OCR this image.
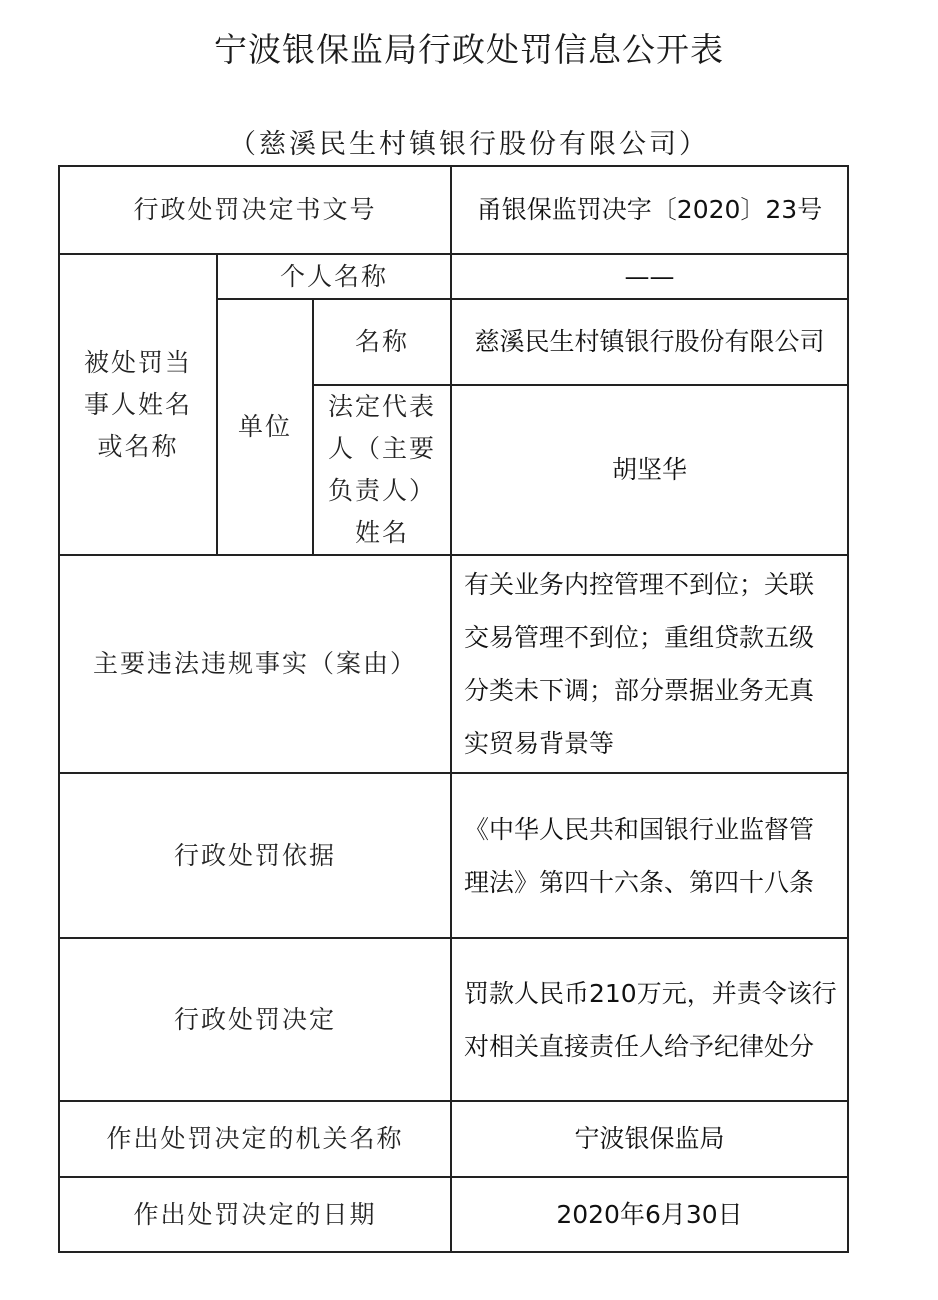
宁波银保监局行政处罚信息公开表
（慈溪民生村镇银行股份有限公司）
行政处罚决定书文号			甬银保监罚决字〔2020〕23号
被处罚当事人姓名或名称	个人名称		——
	单位	名称	慈溪民生村镇银行股份有限公司
		法定代表人（主要负责人）姓名	胡坚华
主要违法违规事实（案由）			有关业务内控管理不到位；关联交易管理不到位；重组贷款五级分类未下调；部分票据业务无真实贸易背景等
行政处罚依据			《中华人民共和国银行业监督管理法》第四十六条、第四十八条
行政处罚决定			罚款人民币210万元，并责令该行对相关直接责任人给予纪律处分
作出处罚决定的机关名称			宁波银保监局
作出处罚决定的日期			2020年6月30日
